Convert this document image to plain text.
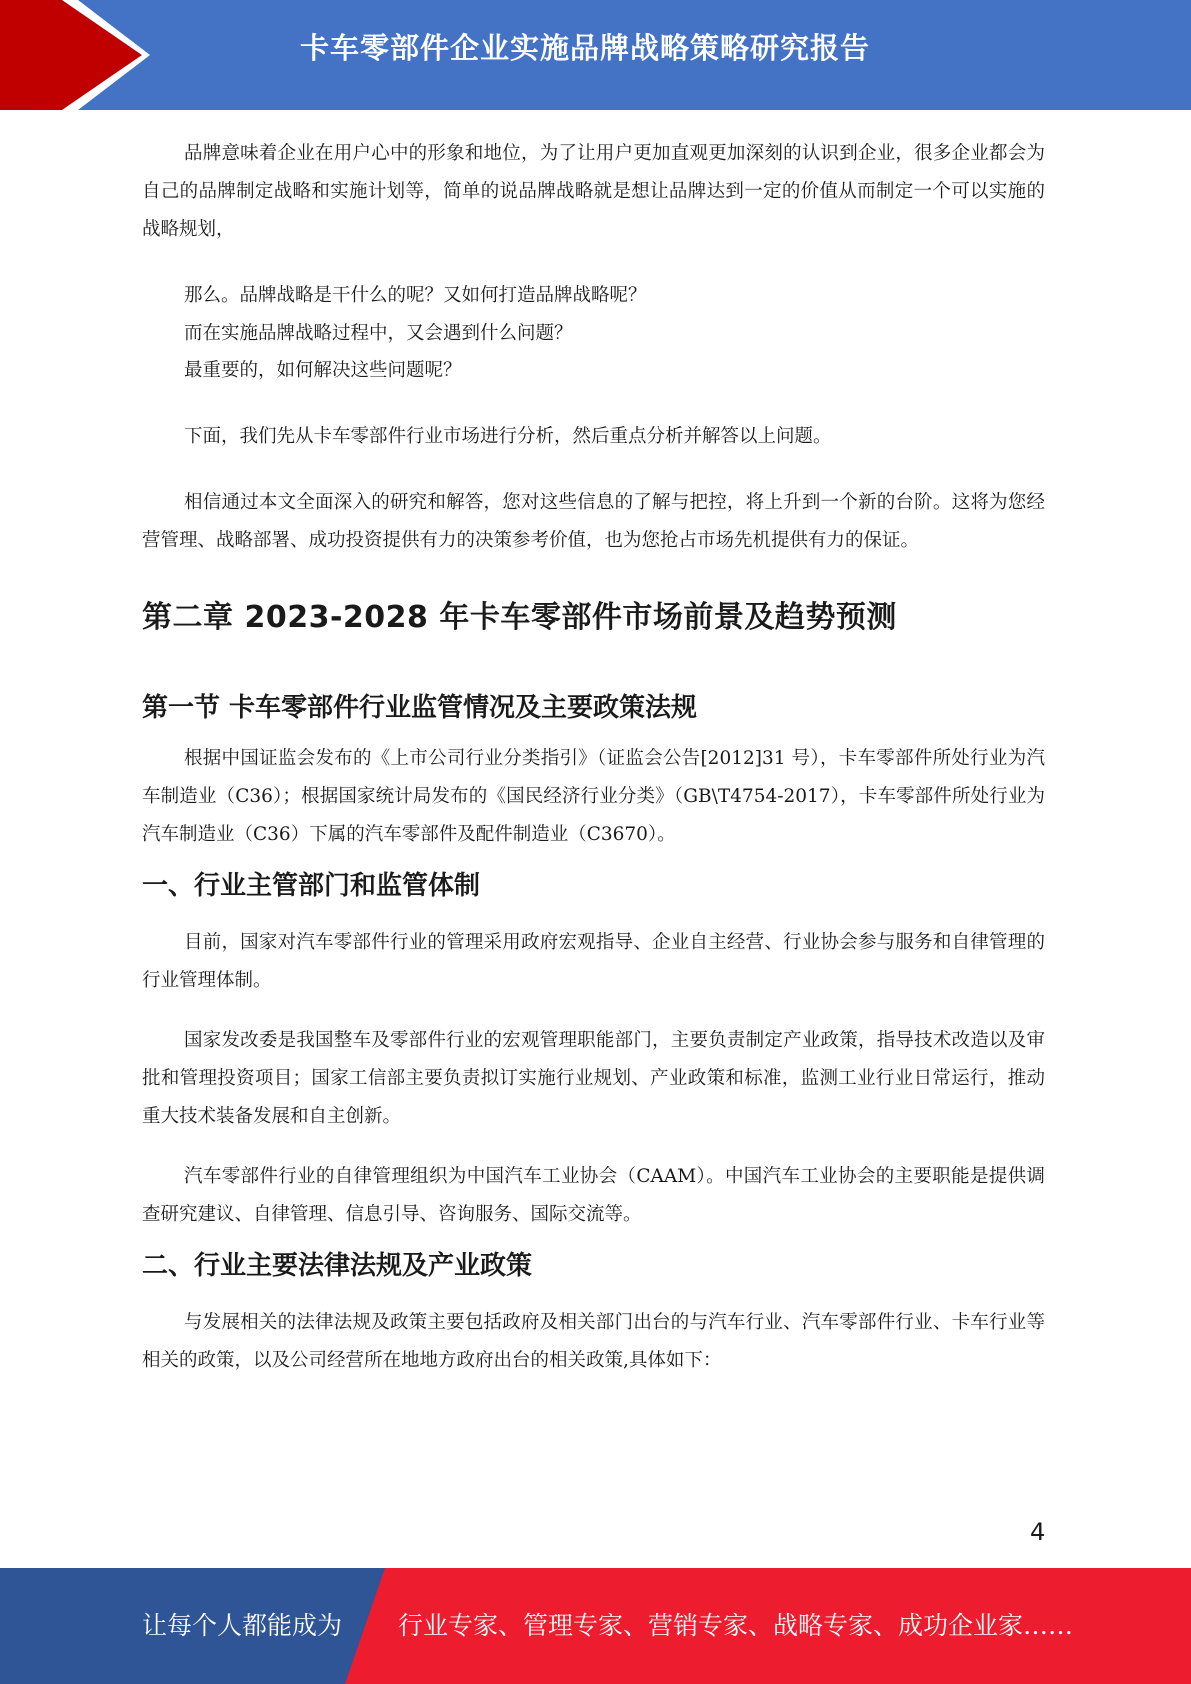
卡车零部件企业实施品牌战略策略研究报告

品牌意味着企业在用户心中的形象和地位，为了让用户更加直观更加深刻的认识到企业，很多企业都会为自己的品牌制定战略和实施计划等，简单的说品牌战略就是想让品牌达到一定的价值从而制定一个可以实施的战略规划，

那么。品牌战略是干什么的呢？又如何打造品牌战略呢？

而在实施品牌战略过程中，又会遇到什么问题？

最重要的，如何解决这些问题呢？

下面，我们先从卡车零部件行业市场进行分析，然后重点分析并解答以上问题。

相信通过本文全面深入的研究和解答，您对这些信息的了解与把控，将上升到一个新的台阶。这将为您经营管理、战略部署、成功投资提供有力的决策参考价值，也为您抢占市场先机提供有力的保证。

第二章 2023-2028 年卡车零部件市场前景及趋势预测
第一节 卡车零部件行业监管情况及主要政策法规

根据中国证监会发布的《上市公司行业分类指引》（证监会公告[2012]31 号），卡车零部件所处行业为汽车制造业（C36）；根据国家统计局发布的《国民经济行业分类》（GB\T4754-2017），卡车零部件所处行业为汽车制造业（C36）下属的汽车零部件及配件制造业（C3670）。

一、行业主管部门和监管体制

目前，国家对汽车零部件行业的管理采用政府宏观指导、企业自主经营、行业协会参与服务和自律管理的行业管理体制。

国家发改委是我国整车及零部件行业的宏观管理职能部门，主要负责制定产业政策，指导技术改造以及审批和管理投资项目；国家工信部主要负责拟订实施行业规划、产业政策和标准，监测工业行业日常运行，推动重大技术装备发展和自主创新。

汽车零部件行业的自律管理组织为中国汽车工业协会（CAAM）。中国汽车工业协会的主要职能是提供调查研究建议、自律管理、信息引导、咨询服务、国际交流等。

二、行业主要法律法规及产业政策

与发展相关的法律法规及政策主要包括政府及相关部门出台的与汽车行业、汽车零部件行业、卡车行业等相关的政策，以及公司经营所在地地方政府出台的相关政策,具体如下：

4
让每个人都能成为 行业专家、管理专家、营销专家、战略专家、成功企业家……
